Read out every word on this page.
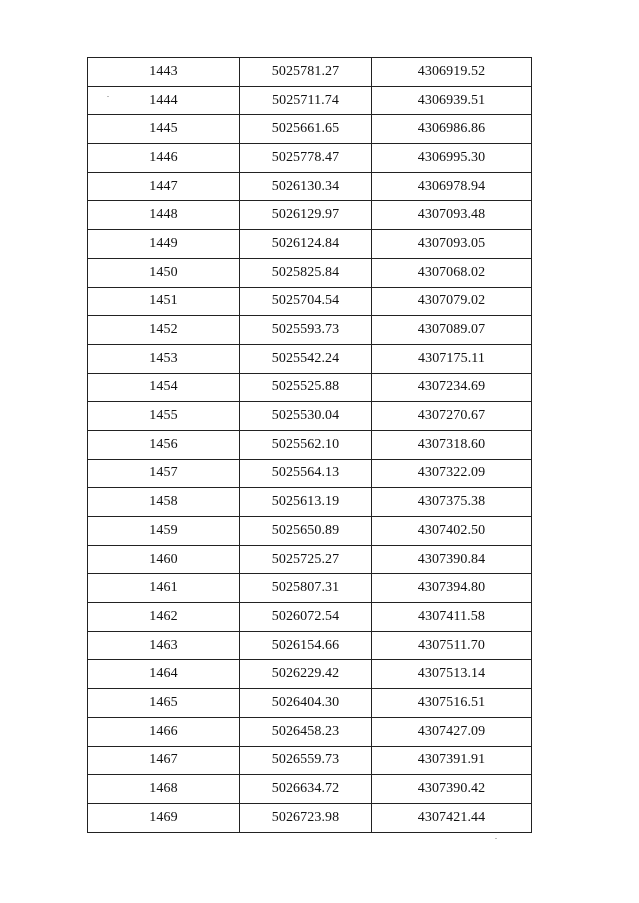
1443	5025781.27	4306919.52
1444	5025711.74	4306939.51
1445	5025661.65	4306986.86
1446	5025778.47	4306995.30
1447	5026130.34	4306978.94
1448	5026129.97	4307093.48
1449	5026124.84	4307093.05
1450	5025825.84	4307068.02
1451	5025704.54	4307079.02
1452	5025593.73	4307089.07
1453	5025542.24	4307175.11
1454	5025525.88	4307234.69
1455	5025530.04	4307270.67
1456	5025562.10	4307318.60
1457	5025564.13	4307322.09
1458	5025613.19	4307375.38
1459	5025650.89	4307402.50
1460	5025725.27	4307390.84
1461	5025807.31	4307394.80
1462	5026072.54	4307411.58
1463	5026154.66	4307511.70
1464	5026229.42	4307513.14
1465	5026404.30	4307516.51
1466	5026458.23	4307427.09
1467	5026559.73	4307391.91
1468	5026634.72	4307390.42
1469	5026723.98	4307421.44
